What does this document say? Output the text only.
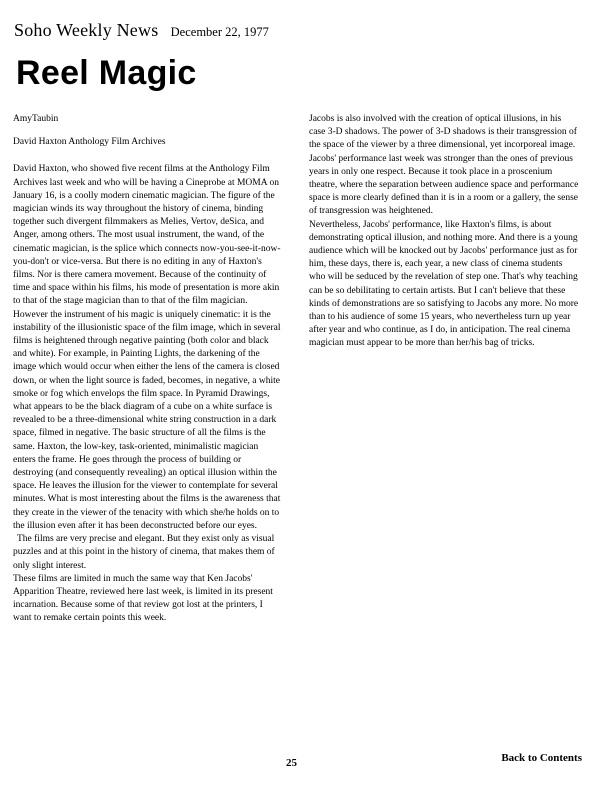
Soho Weekly News December 22, 1977
Reel Magic

AmyTaubin

David Haxton Anthology Film Archives

David Haxton, who showed five recent films at the Anthology Film Archives last week and who will be having a Cineprobe at MOMA on January 16, is a coolly modern cinematic magician. The figure of the magician winds its way throughout the history of cinema, binding together such divergent filmmakers as Melies, Vertov, deSica, and Anger, among others. The most usual instrument, the wand, of the cinematic magician, is the splice which connects now-you-see-it-now-you-don't or vice-versa. But there is no editing in any of Haxton's films. Nor is there camera movement. Because of the continuity of time and space within his films, his mode of presentation is more akin to that of the stage magician than to that of the film magician. However the instrument of his magic is uniquely cinematic: it is the instability of the illusionistic space of the film image, which in several films is heightened through negative painting (both color and black and white). For example, in Painting Lights, the darkening of the image which would occur when either the lens of the camera is closed down, or when the light source is faded, becomes, in negative, a white smoke or fog which envelops the film space. In Pyramid Drawings, what appears to be the black diagram of a cube on a white surface is revealed to be a three-dimensional white string construction in a dark space, filmed in negative. The basic structure of all the films is the same. Haxton, the low-key, task-oriented, minimalistic magician enters the frame. He goes through the process of building or destroying (and consequently revealing) an optical illusion within the space. He leaves the illusion for the viewer to contemplate for several minutes. What is most interesting about the films is the awareness that they create in the viewer of the tenacity with which she/he holds on to the illusion even after it has been deconstructed before our eyes.

The films are very precise and elegant. But they exist only as visual puzzles and at this point in the history of cinema, that makes them of only slight interest.

These films are limited in much the same way that Ken Jacobs' Apparition Theatre, reviewed here last week, is limited in its present incarnation. Because some of that review got lost at the printers, I want to remake certain points this week.

Jacobs is also involved with the creation of optical illusions, in his case 3-D shadows. The power of 3-D shadows is their transgression of the space of the viewer by a three dimensional, yet incorporeal image. Jacobs' performance last week was stronger than the ones of previous years in only one respect. Because it took place in a proscenium theatre, where the separation between audience space and performance space is more clearly defined than it is in a room or a gallery, the sense of transgression was heightened.

Nevertheless, Jacobs' performance, like Haxton's films, is about demonstrating optical illusion, and nothing more. And there is a young audience which will be knocked out by Jacobs' performance just as for him, these days, there is, each year, a new class of cinema students who will be seduced by the revelation of step one. That's why teaching can be so debilitating to certain artists. But I can't believe that these kinds of demonstrations are so satisfying to Jacobs any more. No more than to his audience of some 15 years, who nevertheless turn up year after year and who continue, as I do, in anticipation. The real cinema magician must appear to be more than her/his bag of tricks.

25	Back to Contents
